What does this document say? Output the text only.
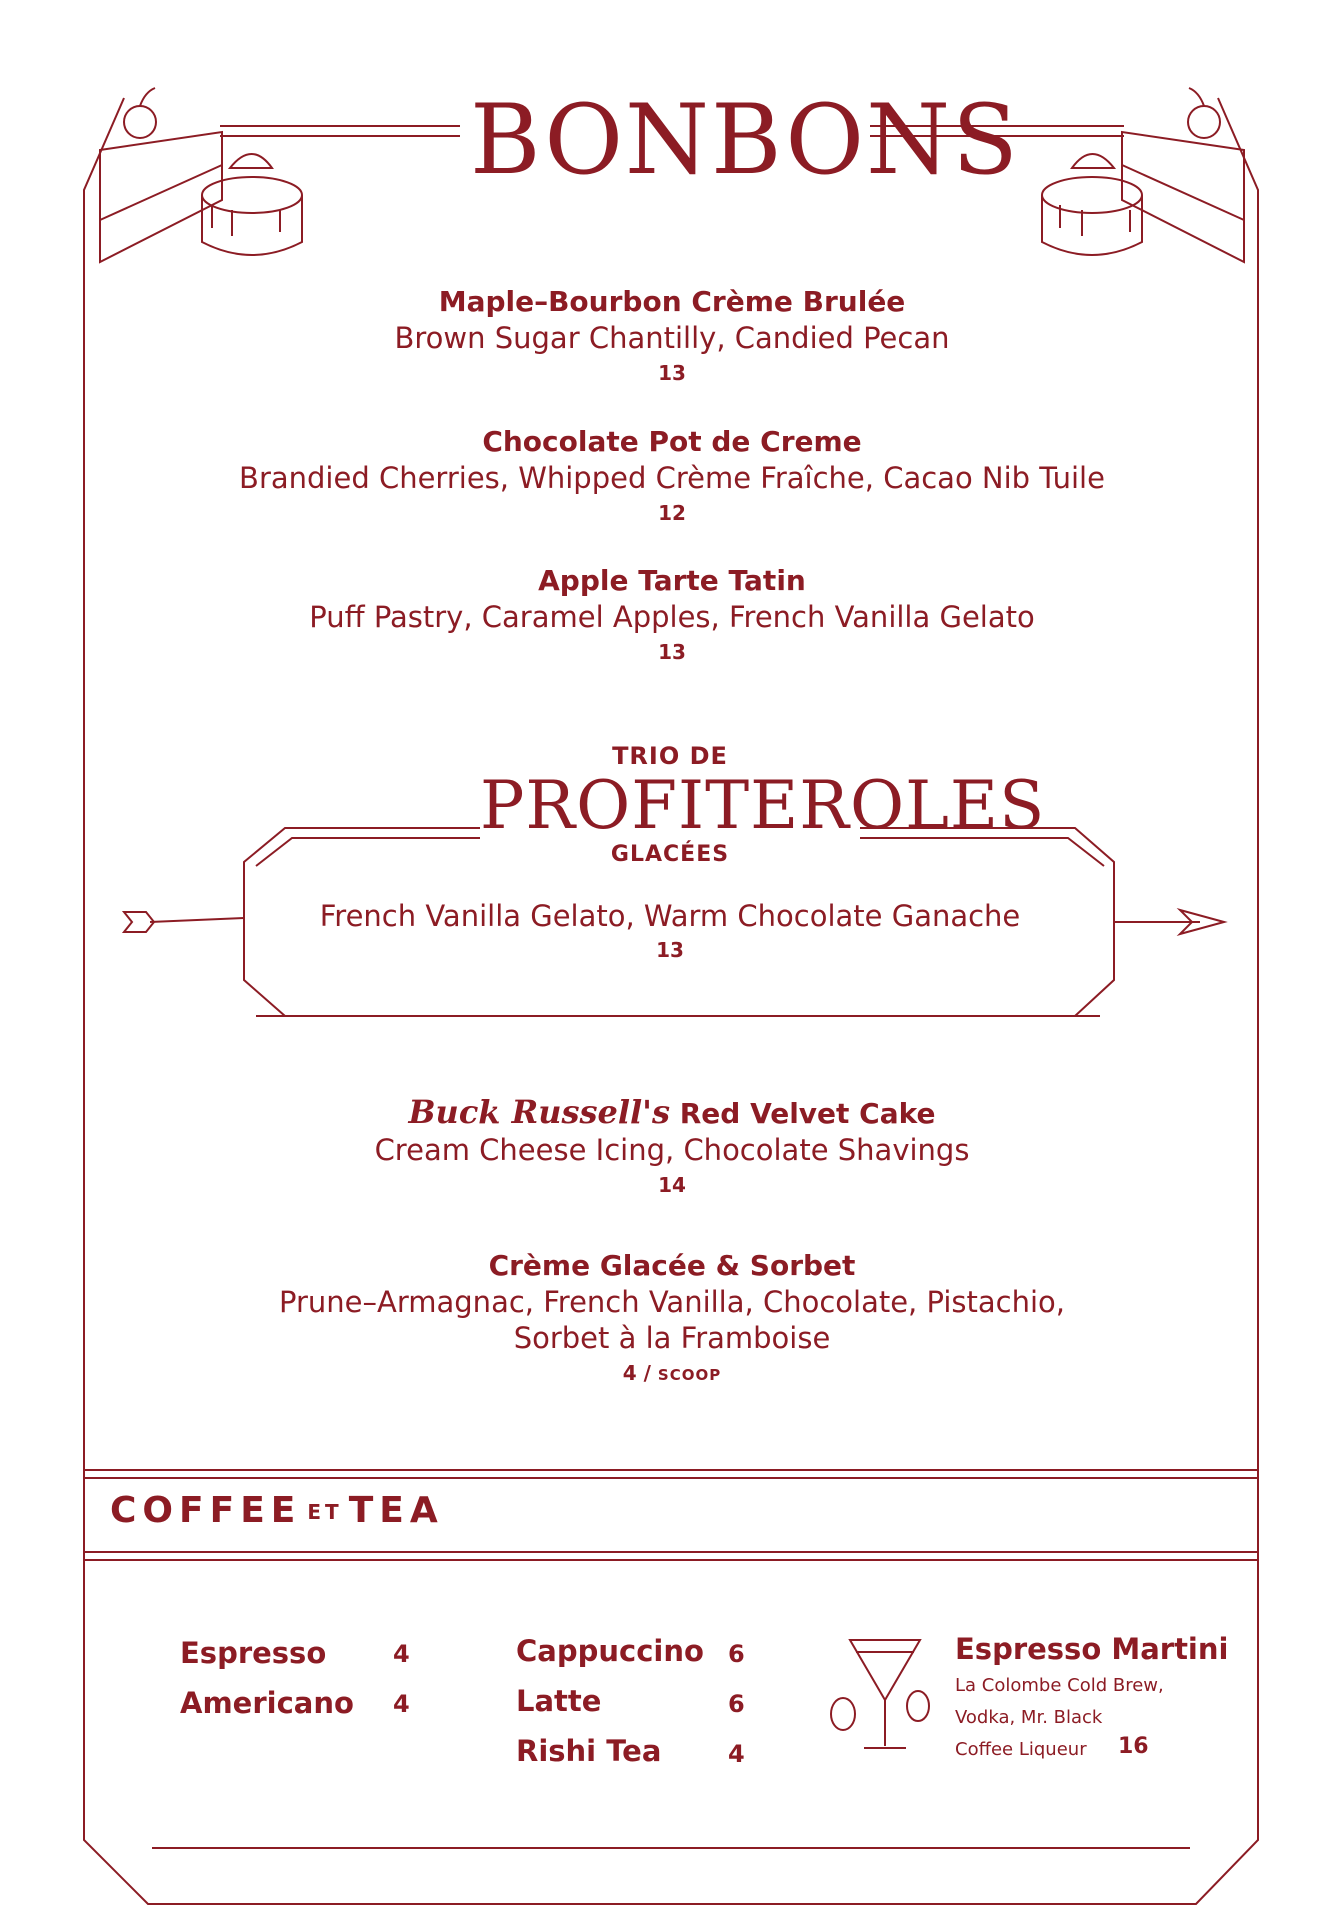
BONBONS
Maple–Bourbon Crème Brulée
Brown Sugar Chantilly, Candied Pecan
13
Chocolate Pot de Creme
Brandied Cherries, Whipped Crème Fraîche, Cacao Nib Tuile
12
Apple Tarte Tatin
Puff Pastry, Caramel Apples, French Vanilla Gelato
13
TRIO DE
PROFITEROLES
GLACÉES
French Vanilla Gelato, Warm Chocolate Ganache
13
Buck Russell's Red Velvet Cake
Cream Cheese Icing, Chocolate Shavings
14
Crème Glacée & Sorbet
Prune–Armagnac, French Vanilla, Chocolate, Pistachio,
Sorbet à la Framboise
4 / SCOOP
COFFEE ET TEA
Espresso	4
Americano 4
Cappuccino 6
Latte	6
Rishi Tea	4
Espresso Martini
La Colombe Cold Brew,
Vodka, Mr. Black
Coffee Liqueur	16
